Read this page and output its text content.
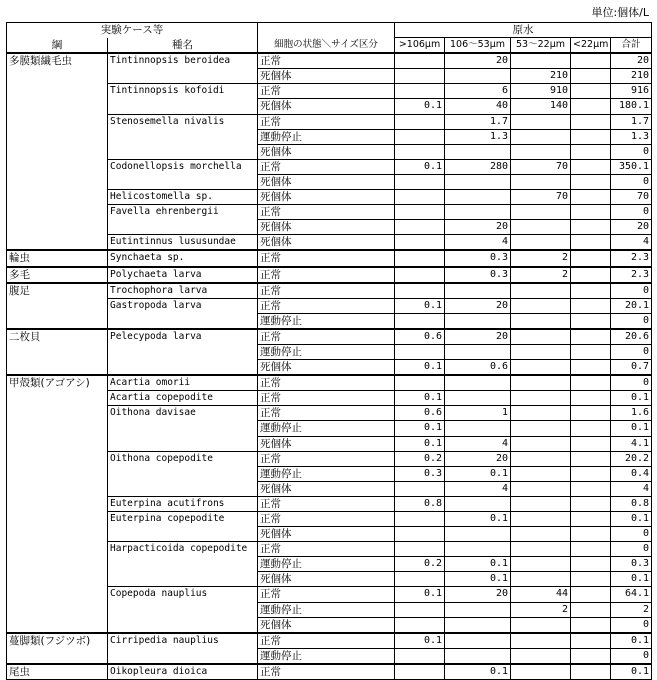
単位:個体/L
実験ケース等			原水				
綱	種名	細胞の状態＼サイズ区分	>106μm	106～53μm	53～22μm	<22μm	合計
多膜類繊毛虫	Tintinnopsis beroidea	正常		20			20
		死個体			210		210
	Tintinnopsis kofoidi	正常		6	910		916
		死個体	0.1	40	140		180.1
	Stenosemella nivalis	正常		1.7			1.7
		運動停止		1.3			1.3
		死個体					0
	Codonellopsis morchella	正常	0.1	280	70		350.1
		死個体					0
	Helicostomella sp.	死個体			70		70
	Favella ehrenbergii	正常					0
		死個体		20			20
	Eutintinnus lususundae	死個体		4			4
輪虫	Synchaeta sp.	正常		0.3	2		2.3
多毛	Polychaeta larva	正常		0.3	2		2.3
腹足	Trochophora larva	正常					0
	Gastropoda larva	正常	0.1	20			20.1
		運動停止					0
二枚貝	Pelecypoda larva	正常	0.6	20			20.6
		運動停止					0
		死個体	0.1	0.6			0.7
甲殻類(アゴアシ)	Acartia omorii	正常					0
	Acartia copepodite	正常	0.1				0.1
	Oithona davisae	正常	0.6	1			1.6
		運動停止	0.1				0.1
		死個体	0.1	4			4.1
	Oithona copepodite	正常	0.2	20			20.2
		運動停止	0.3	0.1			0.4
		死個体		4			4
	Euterpina acutifrons	正常	0.8				0.8
	Euterpina copepodite	正常		0.1			0.1
		死個体					0
	Harpacticoida copepodite	正常					0
		運動停止	0.2	0.1			0.3
		死個体		0.1			0.1
	Copepoda nauplius	正常	0.1	20	44		64.1
		運動停止			2		2
		死個体					0
蔓脚類(フジツボ)	Cirripedia nauplius	正常	0.1				0.1
		運動停止					0
尾虫	Oikopleura dioica	正常		0.1			0.1
